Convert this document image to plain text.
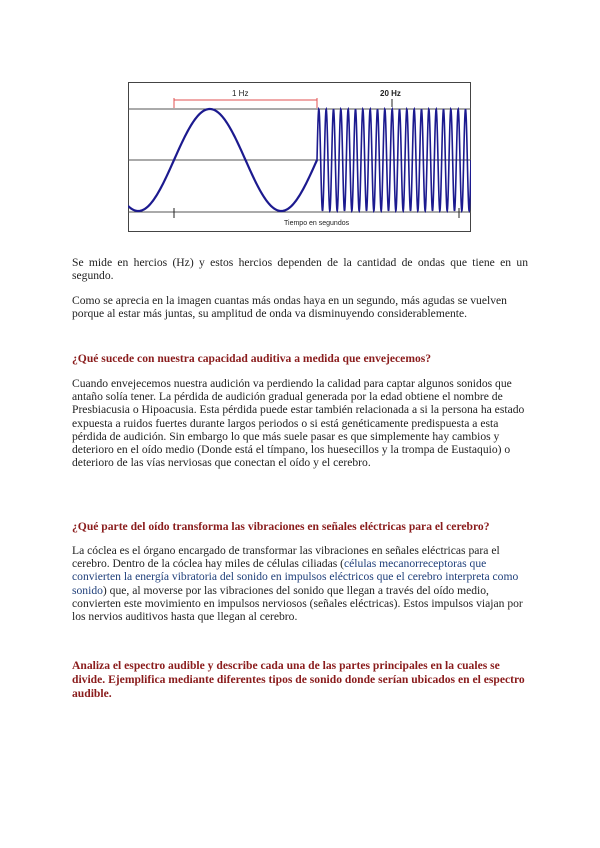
1 Hz	20 Hz
Tiempo en segundos

Se mide en hercios (Hz) y estos hercios dependen de la cantidad de ondas que tiene en un segundo.

Como se aprecia en la imagen cuantas más ondas haya en un segundo, más agudas se vuelven porque al estar más juntas, su amplitud de onda va disminuyendo considerablemente.

¿Qué sucede con nuestra capacidad auditiva a medida que envejecemos?

Cuando envejecemos nuestra audición va perdiendo la calidad para captar algunos sonidos que antaño solía tener. La pérdida de audición gradual generada por la edad obtiene el nombre de Presbiacusia o Hipoacusia. Esta pérdida puede estar también relacionada a si la persona ha estado expuesta a ruidos fuertes durante largos periodos o si está genéticamente predispuesta a esta pérdida de audición. Sin embargo lo que más suele pasar es que simplemente hay cambios y deterioro en el oído medio (Donde está el tímpano, los huesecillos y la trompa de Eustaquio) o deterioro de las vías nerviosas que conectan el oído y el cerebro.

¿Qué parte del oído transforma las vibraciones en señales eléctricas para el cerebro?

La cóclea es el órgano encargado de transformar las vibraciones en señales eléctricas para el cerebro. Dentro de la cóclea hay miles de células ciliadas (células mecanorreceptoras que convierten la energía vibratoria del sonido en impulsos eléctricos que el cerebro interpreta como sonido) que, al moverse por las vibraciones del sonido que llegan a través del oído medio, convierten este movimiento en impulsos nerviosos (señales eléctricas). Estos impulsos viajan por los nervios auditivos hasta que llegan al cerebro.

Analiza el espectro audible y describe cada una de las partes principales en la cuales se divide. Ejemplifica mediante diferentes tipos de sonido donde serían ubicados en el espectro audible.
